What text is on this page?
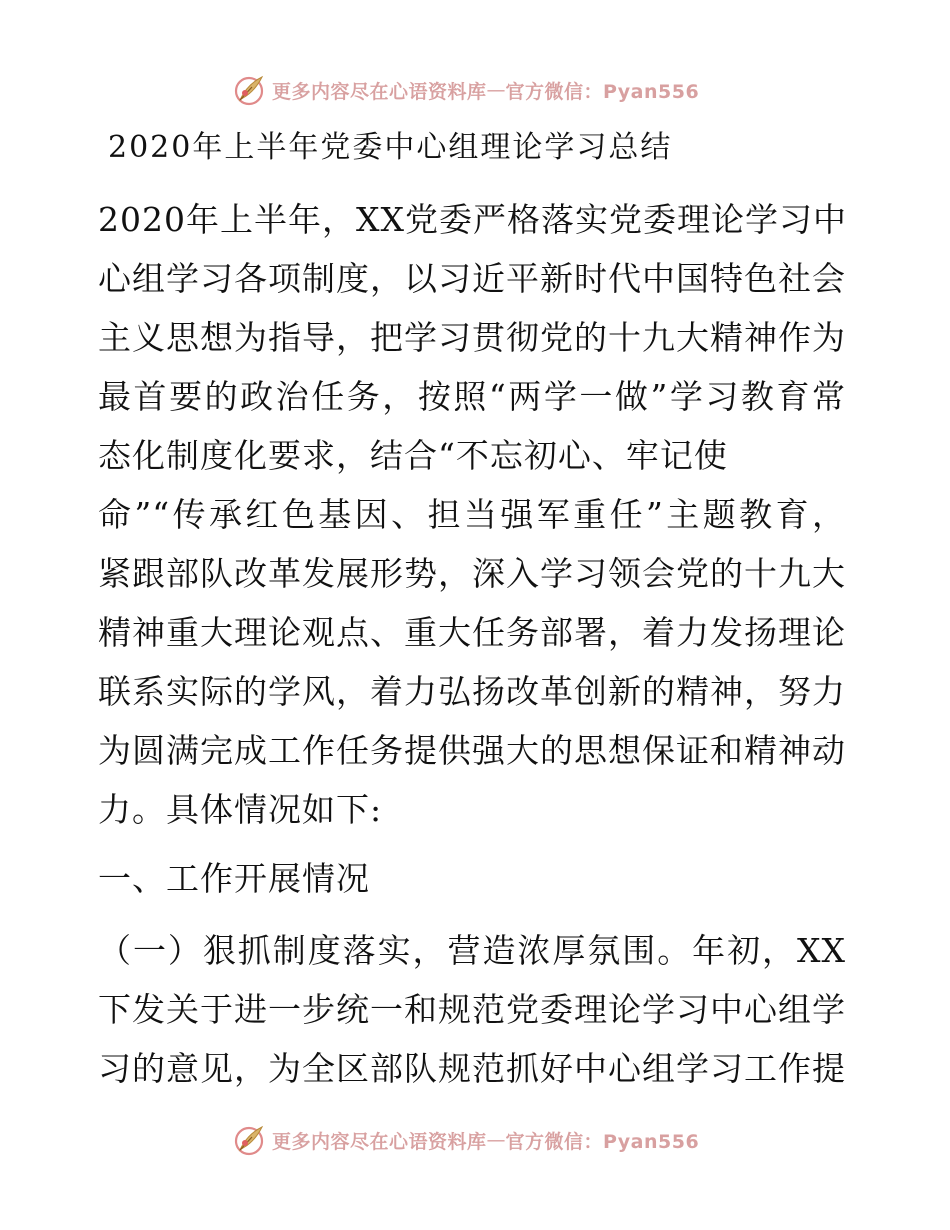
更多内容尽在心语资料库 — 官方微信：Pyan556
2020年上半年党委中心组理论学习总结
2020年上半年，XX党委严格落实党委理论学习中
心组学习各项制度，以习近平新时代中国特色社会
主义思想为指导，把学习贯彻党的十九大精神作为
最首要的政治任务，按照“两学一做”学习教育常
态化制度化要求，结合“不忘初心、牢记使
命”“传承红色基因、担当强军重任”主题教育，
紧跟部队改革发展形势，深入学习领会党的十九大
精神重大理论观点、重大任务部署，着力发扬理论
联系实际的学风，着力弘扬改革创新的精神，努力
为圆满完成工作任务提供强大的思想保证和精神动
力。具体情况如下:
一、工作开展情况
（一）狠抓制度落实，营造浓厚氛围。年初，XX
下发关于进一步统一和规范党委理论学习中心组学
习的意见，为全区部队规范抓好中心组学习工作提
更多内容尽在心语资料库 — 官方微信：Pyan556
